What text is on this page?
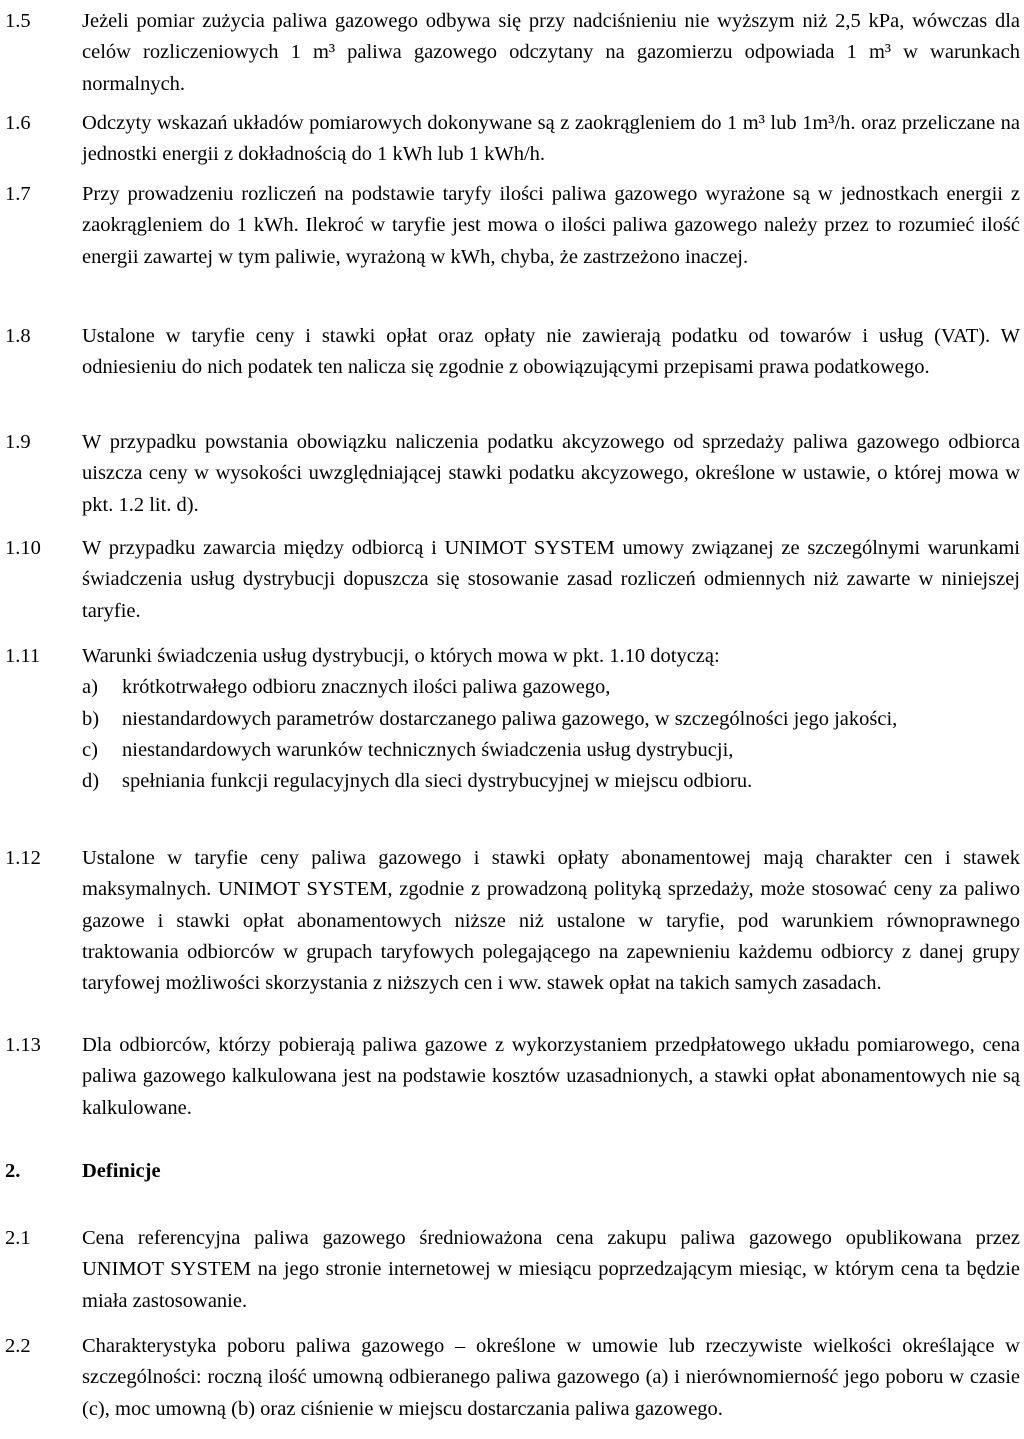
1.5	Jeżeli pomiar zużycia paliwa gazowego odbywa się przy nadciśnieniu nie wyższym niż 2,5 kPa, wówczas dla celów rozliczeniowych 1 m³ paliwa gazowego odczytany na gazomierzu odpowiada 1 m³ w warunkach normalnych.
1.6	Odczyty wskazań układów pomiarowych dokonywane są z zaokrągleniem do 1 m³ lub 1m³/h. oraz przeliczane na jednostki energii z dokładnością do 1 kWh lub 1 kWh/h.
1.7	Przy prowadzeniu rozliczeń na podstawie taryfy ilości paliwa gazowego wyrażone są w jednostkach energii z zaokrągleniem do 1 kWh. Ilekroć w taryfie jest mowa o ilości paliwa gazowego należy przez to rozumieć ilość energii zawartej w tym paliwie, wyrażoną w kWh, chyba, że zastrzeżono inaczej.
1.8	Ustalone w taryfie ceny i stawki opłat oraz opłaty nie zawierają podatku od towarów i usług (VAT). W odniesieniu do nich podatek ten nalicza się zgodnie z obowiązującymi przepisami prawa podatkowego.
1.9	W przypadku powstania obowiązku naliczenia podatku akcyzowego od sprzedaży paliwa gazowego odbiorca uiszcza ceny w wysokości uwzględniającej stawki podatku akcyzowego, określone w ustawie, o której mowa w pkt. 1.2 lit. d).
1.10	W przypadku zawarcia między odbiorcą i UNIMOT SYSTEM umowy związanej ze szczególnymi warunkami świadczenia usług dystrybucji dopuszcza się stosowanie zasad rozliczeń odmiennych niż zawarte w niniejszej taryfie.
1.11	Warunki świadczenia usług dystrybucji, o których mowa w pkt. 1.10 dotyczą:
a) krótkotrwałego odbioru znacznych ilości paliwa gazowego,
b) niestandardowych parametrów dostarczanego paliwa gazowego, w szczególności jego jakości,
c) niestandardowych warunków technicznych świadczenia usług dystrybucji,
d) spełniania funkcji regulacyjnych dla sieci dystrybucyjnej w miejscu odbioru.
1.12	Ustalone w taryfie ceny paliwa gazowego i stawki opłaty abonamentowej mają charakter cen i stawek maksymalnych. UNIMOT SYSTEM, zgodnie z prowadzoną polityką sprzedaży, może stosować ceny za paliwo gazowe i stawki opłat abonamentowych niższe niż ustalone w taryfie, pod warunkiem równoprawnego traktowania odbiorców w grupach taryfowych polegającego na zapewnieniu każdemu odbiorcy z danej grupy taryfowej możliwości skorzystania z niższych cen i ww. stawek opłat na takich samych zasadach.
1.13	Dla odbiorców, którzy pobierają paliwa gazowe z wykorzystaniem przedpłatowego układu pomiarowego, cena paliwa gazowego kalkulowana jest na podstawie kosztów uzasadnionych, a stawki opłat abonamentowych nie są kalkulowane.
2.	Definicje
2.1	Cena referencyjna paliwa gazowego średnioważona cena zakupu paliwa gazowego opublikowana przez UNIMOT SYSTEM na jego stronie internetowej w miesiącu poprzedzającym miesiąc, w którym cena ta będzie miała zastosowanie.
2.2	Charakterystyka poboru paliwa gazowego – określone w umowie lub rzeczywiste wielkości określające w szczególności: roczną ilość umowną odbieranego paliwa gazowego (a) i nierównomierność jego poboru w czasie (c), moc umowną (b) oraz ciśnienie w miejscu dostarczania paliwa gazowego.
